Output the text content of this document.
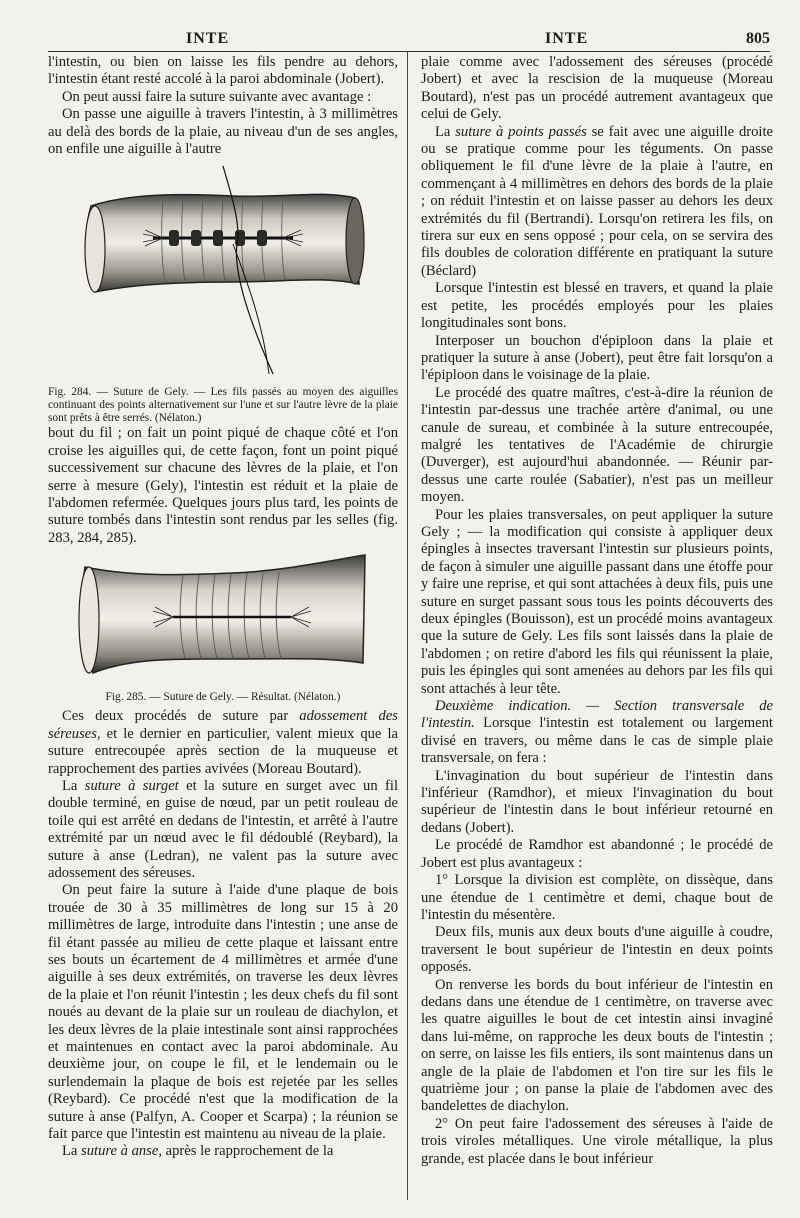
INTE	INTE	805

l'intestin, ou bien on laisse les fils pendre au dehors, l'intestin étant resté accolé à la paroi abdominale (Jobert).

On peut aussi faire la suture suivante avec avantage :

On passe une aiguille à travers l'intestin, à 3 millimètres au delà des bords de la plaie, au niveau d'un de ses angles, on enfile une aiguille à l'autre

Fig. 284. — Suture de Gely. — Les fils passés au moyen des aiguilles continuant des points alternativement sur l'une et sur l'autre lèvre de la plaie sont prêts à être serrés. (Nélaton.)

bout du fil ; on fait un point piqué de chaque côté et l'on croise les aiguilles qui, de cette façon, font un point piqué successivement sur chacune des lèvres de la plaie, et l'on serre à mesure (Gely), l'intestin est réduit et la plaie de l'abdomen refermée. Quelques jours plus tard, les points de suture tombés dans l'intestin sont rendus par les selles (fig. 283, 284, 285).

Fig. 285. — Suture de Gely. — Résultat. (Nélaton.)

Ces deux procédés de suture par adossement des séreuses, et le dernier en particulier, valent mieux que la suture entrecoupée après section de la muqueuse et rapprochement des parties avivées (Moreau Boutard).

La suture à surget et la suture en surget avec un fil double terminé, en guise de nœud, par un petit rouleau de toile qui est arrêté en dedans de l'intestin, et arrêté à l'autre extrémité par un nœud avec le fil dédoublé (Reybard), la suture à anse (Ledran), ne valent pas la suture avec adossement des séreuses.

On peut faire la suture à l'aide d'une plaque de bois trouée de 30 à 35 millimètres de long sur 15 à 20 millimètres de large, introduite dans l'intestin ; une anse de fil étant passée au milieu de cette plaque et laissant entre ses bouts un écartement de 4 millimètres et armée d'une aiguille à ses deux extrémités, on traverse les deux lèvres de la plaie et l'on réunit l'intestin ; les deux chefs du fil sont noués au devant de la plaie sur un rouleau de diachylon, et les deux lèvres de la plaie intestinale sont ainsi rapprochées et maintenues en contact avec la paroi abdominale. Au deuxième jour, on coupe le fil, et le lendemain ou le surlendemain la plaque de bois est rejetée par les selles (Reybard). Ce procédé n'est que la modification de la suture à anse (Palfyn, A. Cooper et Scarpa) ; la réunion se fait parce que l'intestin est maintenu au niveau de la plaie.

La suture à anse, après le rapprochement de la

plaie comme avec l'adossement des séreuses (procédé Jobert) et avec la rescision de la muqueuse (Moreau Boutard), n'est pas un procédé autrement avantageux que celui de Gely.

La suture à points passés se fait avec une aiguille droite ou se pratique comme pour les téguments. On passe obliquement le fil d'une lèvre de la plaie à l'autre, en commençant à 4 millimètres en dehors des bords de la plaie ; on réduit l'intestin et on laisse passer au dehors les deux extrémités du fil (Bertrandi). Lorsqu'on retirera les fils, on tirera sur eux en sens opposé ; pour cela, on se servira des fils doubles de coloration différente en pratiquant la suture (Béclard)

Lorsque l'intestin est blessé en travers, et quand la plaie est petite, les procédés employés pour les plaies longitudinales sont bons.

Interposer un bouchon d'épiploon dans la plaie et pratiquer la suture à anse (Jobert), peut être fait lorsqu'on a l'épiploon dans le voisinage de la plaie.

Le procédé des quatre maîtres, c'est-à-dire la réunion de l'intestin par-dessus une trachée artère d'animal, ou une canule de sureau, et combinée à la suture entrecoupée, malgré les tentatives de l'Académie de chirurgie (Duverger), est aujourd'hui abandonnée. — Réunir par-dessus une carte roulée (Sabatier), n'est pas un meilleur moyen.

Pour les plaies transversales, on peut appliquer la suture Gely ; — la modification qui consiste à appliquer deux épingles à insectes traversant l'intestin sur plusieurs points, de façon à simuler une aiguille passant dans une étoffe pour y faire une reprise, et qui sont attachées à deux fils, puis une suture en surget passant sous tous les points découverts des deux épingles (Bouisson), est un procédé moins avantageux que la suture de Gely. Les fils sont laissés dans la plaie de l'abdomen ; on retire d'abord les fils qui réunissent la plaie, puis les épingles qui sont amenées au dehors par les fils qui sont attachés à leur tête.

Deuxième indication. — Section transversale de l'intestin. Lorsque l'intestin est totalement ou largement divisé en travers, ou même dans le cas de simple plaie transversale, on fera :

L'invagination du bout supérieur de l'intestin dans l'inférieur (Ramdhor), et mieux l'invagination du bout supérieur de l'intestin dans le bout inférieur retourné en dedans (Jobert).

Le procédé de Ramdhor est abandonné ; le procédé de Jobert est plus avantageux :

1° Lorsque la division est complète, on dissèque, dans une étendue de 1 centimètre et demi, chaque bout de l'intestin du mésentère.

Deux fils, munis aux deux bouts d'une aiguille à coudre, traversent le bout supérieur de l'intestin en deux points opposés.

On renverse les bords du bout inférieur de l'intestin en dedans dans une étendue de 1 centimètre, on traverse avec les quatre aiguilles le bout de cet intestin ainsi invaginé dans lui-même, on rapproche les deux bouts de l'intestin ; on serre, on laisse les fils entiers, ils sont maintenus dans un angle de la plaie de l'abdomen et l'on tire sur les fils le quatrième jour ; on panse la plaie de l'abdomen avec des bandelettes de diachylon.

2° On peut faire l'adossement des séreuses à l'aide de trois viroles métalliques. Une virole métallique, la plus grande, est placée dans le bout inférieur
